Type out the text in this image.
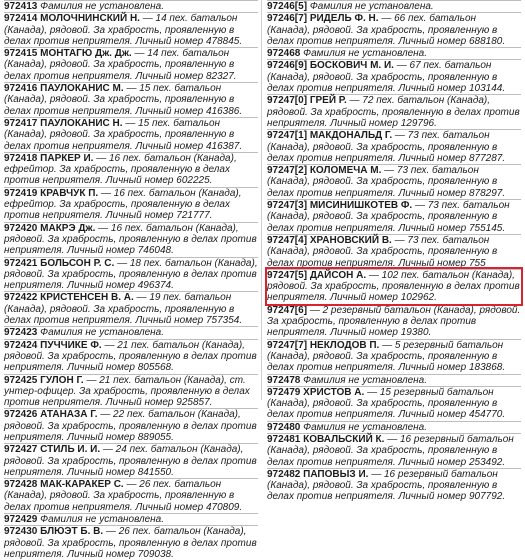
972413 Фамилия не установлена.
972414 МОЛОЧНИНСКИЙ Н. — 14 пех. батальон (Канада), рядовой. За храбрость, проявленную в делах против неприятеля. Личный номер 478845.
972415 МОНТАГЮ Дж. Дж. — 14 пех. батальон (Канада), рядовой. За храбрость, проявленную в делах против неприятеля. Личный номер 82327.
972416 ПАУЛОКАНИС М. — 15 пех. батальон (Канада), рядовой. За храбрость, проявленную в делах против неприятеля. Личный номер 416386.
972417 ПАУЛОКАНИС Н. — 15 пех. батальон (Канада), рядовой. За храбрость, проявленную в делах против неприятеля. Личный номер 416387.
972418 ПАРКЕР И. — 16 пех. батальон (Канада), ефрейтор. За храбрость, проявленную в делах против неприятеля. Личный номер 602225.
972419 КРАВЧУК П. — 16 пех. батальон (Канада), ефрейтор. За храбрость, проявленную в делах против неприятеля. Личный номер 721777.
972420 МАКРЭ Дж. — 16 пех. батальон (Канада), рядовой. За храбрость, проявленную в делах против неприятеля. Личный номер 746048.
972421 БОЛЬСОН Р. С. — 18 пех. батальон (Канада), рядовой. За храбрость, проявленную в делах против неприятеля. Личный номер 496374.
972422 КРИСТЕНСЕН В. А. — 19 пех. батальон (Канада), рядовой. За храбрость, проявленную в делах против неприятеля. Личный номер 757354.
972423 Фамилия не установлена.
972424 ПУЧЧИКЕ Ф. — 21 пех. батальон (Канада), рядовой. За храбрость, проявленную в делах против неприятеля. Личный номер 805568.
972425 ГУЛОН Г. — 21 пех. батальон (Канада), ст. унтер-офицер. За храбрость, проявленную в делах против неприятеля. Личный номер 925857.
972426 АТАНАЗА Г. — 22 пех. батальон (Канада), рядовой. За храбрость, проявленную в делах против неприятеля. Личный номер 889055.
972427 СТИЛЬ И. И. — 24 пех. батальон (Канада), рядовой. За храбрость, проявленную в делах против неприятеля. Личный номер 841550.
972428 МАК-КАРАКЕР С. — 26 пех. батальон (Канада), рядовой. За храбрость, проявленную в делах против неприятеля. Личный номер 470809.
972429 Фамилия не установлена.
972430 БЛЮЭТ Б. В. — 26 пех. батальон (Канада), рядовой. За храбрость, проявленную в делах против неприятеля. Личный номер 709038.
97246[5] Фамилия не установлена.
97246[7] РИДЕЛЬ Ф. Н. — 66 пех. батальон (Канада), рядовой. За храбрость, проявленную в делах против неприятеля. Личный номер 688180.
972468 Фамилия не установлена.
97246[9] БОСКОВИЧ М. И. — 67 пех. батальон (Канада), рядовой. За храбрость, проявленную в делах против неприятеля. Личный номер 103144.
97247[0] ГРЕЙ Р. — 72 пех. батальон (Канада), рядовой. За храбрость, проявленную в делах против неприятеля. Личный номер 129796.
97247[1] МАКДОНАЛЬД Г. — 73 пех. батальон (Канада), рядовой. За храбрость, проявленную в делах против неприятеля. Личный номер 877287.
97247[2] КОЛОМЕЧА М. — 73 пех. батальон (Канада), рядовой. За храбрость, проявленную в делах против неприятеля. Личный номер 878297.
97247[3] МИСИНИШКОТЕВ Ф. — 73 пех. батальон (Канада), рядовой. За храбрость, проявленную в делах против неприятеля. Личный номер 755145.
97247[4] ХРАНОВСКИЙ В. — 73 пех. батальон (Канада), рядовой. За храбрость, проявленную в делах против неприятеля. Личный номер 755
97247[5] ДАЙСОН А. — 102 пех. батальон (Канада), рядовой. За храбрость, проявленную в делах против неприятеля. Личный номер 102962.
97247[6] — 2 резервный батальон (Канада), рядовой. За храбрость, проявленную в делах против неприятеля. Личный номер 19380.
97247[7] НЕКЛОДОВ П. — 5 резервный батальон (Канада), рядовой. За храбрость, проявленную в делах против неприятеля. Личный номер 183868.
972478 Фамилия не установлена.
972479 ХРИСТОВ А. — 15 резервный батальон (Канада), рядовой. За храбрость, проявленную в делах против неприятеля. Личный номер 454770.
972480 Фамилия не установлена.
972481 КОВАЛЬСКИЙ К. — 16 резервный батальон (Канада), рядовой. За храбрость, проявленную в делах против неприятеля. Личный номер 253492.
972482 ПАПОВЫЗ И. — 16 резервный батальон (Канада), рядовой. За храбрость, проявленную в делах против неприятеля. Личный номер 907792.
